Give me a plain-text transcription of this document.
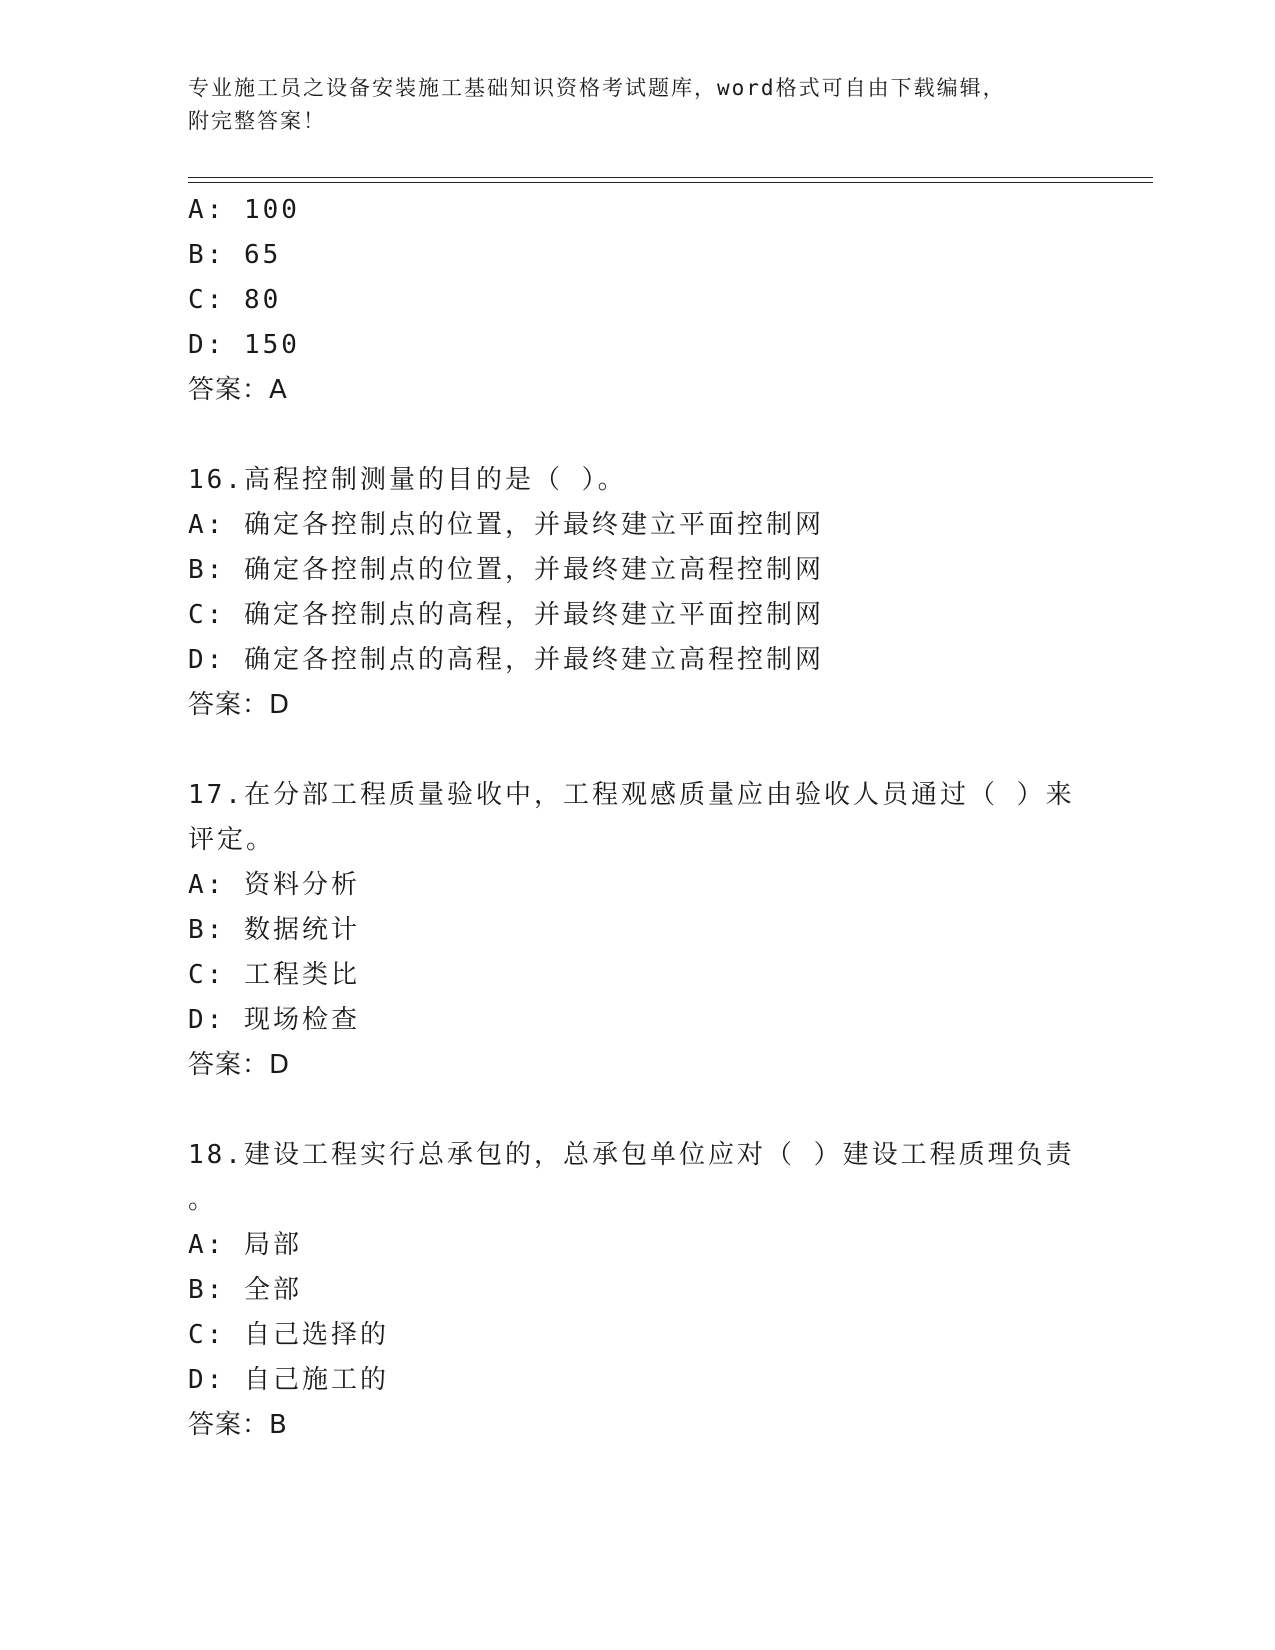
专业施工员之设备安装施工基础知识资格考试题库，word格式可自由下载编辑，
附完整答案！
A: 100
B: 65
C: 80
D: 150
答案：A
16.高程控制测量的目的是（ ）。
A: 确定各控制点的位置，并最终建立平面控制网
B: 确定各控制点的位置，并最终建立高程控制网
C: 确定各控制点的高程，并最终建立平面控制网
D: 确定各控制点的高程，并最终建立高程控制网
答案：D
17.在分部工程质量验收中，工程观感质量应由验收人员通过（ ）来
评定。
A: 资料分析
B: 数据统计
C: 工程类比
D: 现场检查
答案：D
18.建设工程实行总承包的，总承包单位应对（ ）建设工程质理负责
。
A: 局部
B: 全部
C: 自己选择的
D: 自己施工的
答案：B
